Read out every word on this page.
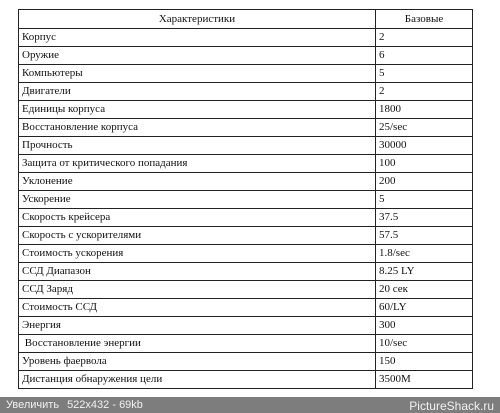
Характеристики	Базовые
Корпус	2
Оружие	6
Компьютеры	5
Двигатели	2
Единицы корпуса	1800
Восстановление корпуса	25/sec
Прочность	30000
Защита от критического попадания	100
Уклонение	200
Ускорение	5
Скорость крейсера	37.5
Скорость с ускорителями	57.5
Стоимость ускорения	1.8/sec
ССД Диапазон	8.25 LY
ССД Заряд	20 сек
Стоимость ССД	60/LY
Энергия	300
Восстановление энергии	10/sec
Уровень фаервола	150
Дистанция обнаружения цели	3500M
Увеличить 522x432 - 69kb	PictureShack.ru
